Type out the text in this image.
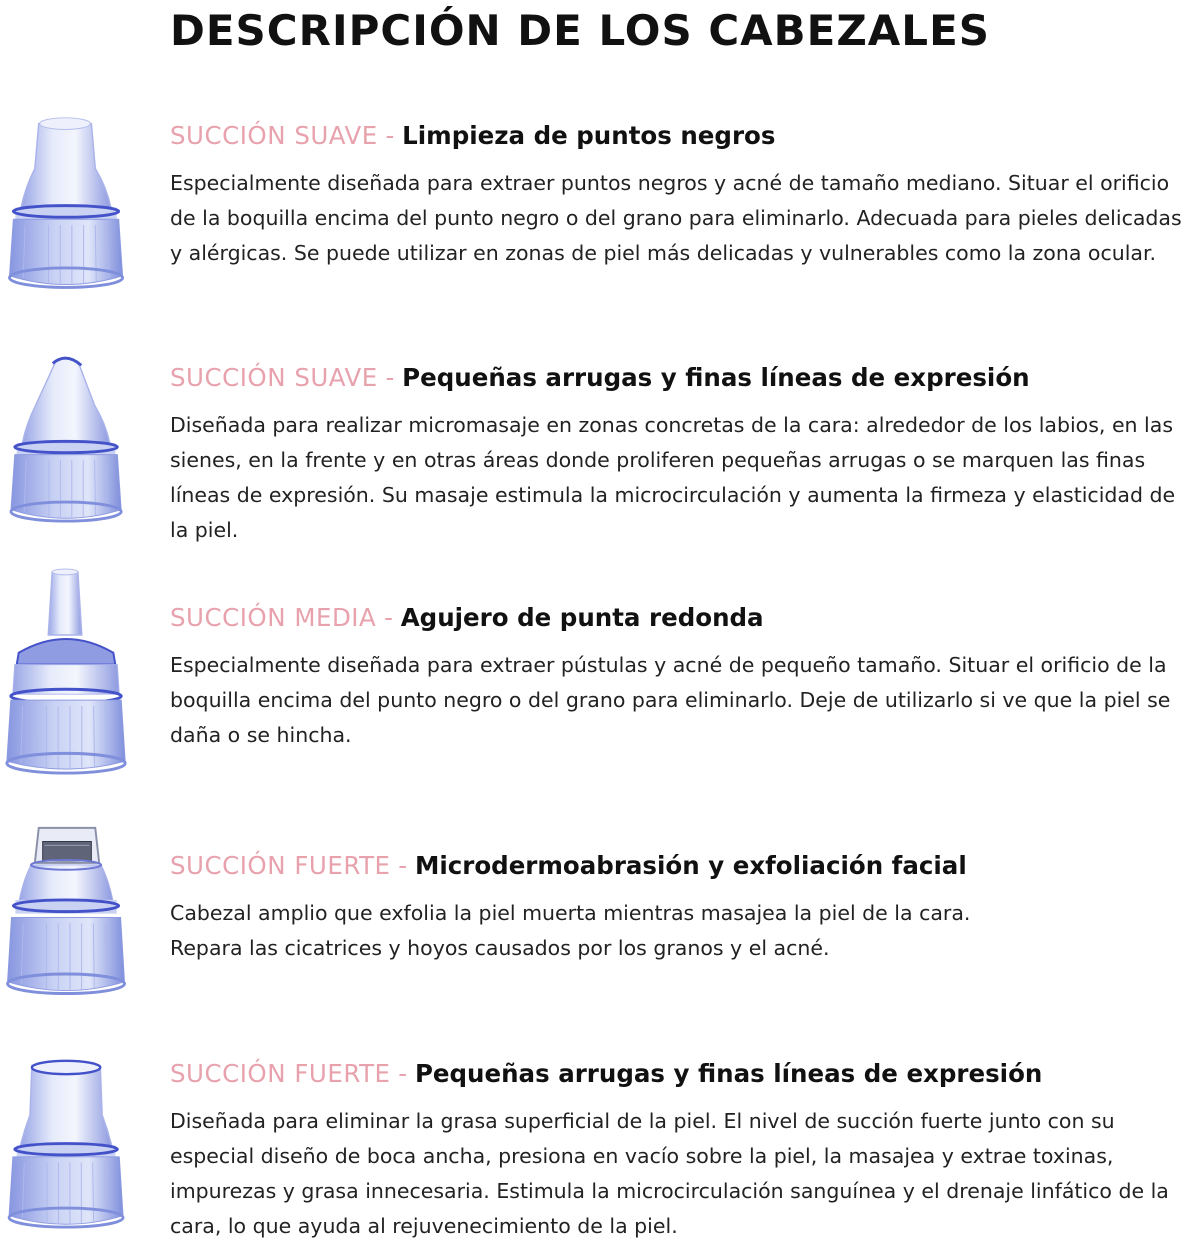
DESCRIPCIÓN DE LOS CABEZALES
SUCCIÓN SUAVE - Limpieza de puntos negros
Especialmente diseñada para extraer puntos negros y acné de tamaño mediano. Situar el orificio de la boquilla encima del punto negro o del grano para eliminarlo. Adecuada para pieles delicadas y alérgicas. Se puede utilizar en zonas de piel más delicadas y vulnerables como la zona ocular.
SUCCIÓN SUAVE - Pequeñas arrugas y finas líneas de expresión
Diseñada para realizar micromasaje en zonas concretas de la cara: alrededor de los labios, en las sienes, en la frente y en otras áreas donde proliferen pequeñas arrugas o se marquen las finas líneas de expresión. Su masaje estimula la microcirculación y aumenta la firmeza y elasticidad de la piel.
SUCCIÓN MEDIA - Agujero de punta redonda
Especialmente diseñada para extraer pústulas y acné de pequeño tamaño. Situar el orificio de la boquilla encima del punto negro o del grano para eliminarlo. Deje de utilizarlo si ve que la piel se daña o se hincha.
SUCCIÓN FUERTE - Microdermoabrasión y exfoliación facial
Cabezal amplio que exfolia la piel muerta mientras masajea la piel de la cara.
Repara las cicatrices y hoyos causados por los granos y el acné.
SUCCIÓN FUERTE - Pequeñas arrugas y finas líneas de expresión
Diseñada para eliminar la grasa superficial de la piel. El nivel de succión fuerte junto con su especial diseño de boca ancha, presiona en vacío sobre la piel, la masajea y extrae toxinas, impurezas y grasa innecesaria. Estimula la microcirculación sanguínea y el drenaje linfático de la cara, lo que ayuda al rejuvenecimiento de la piel.
